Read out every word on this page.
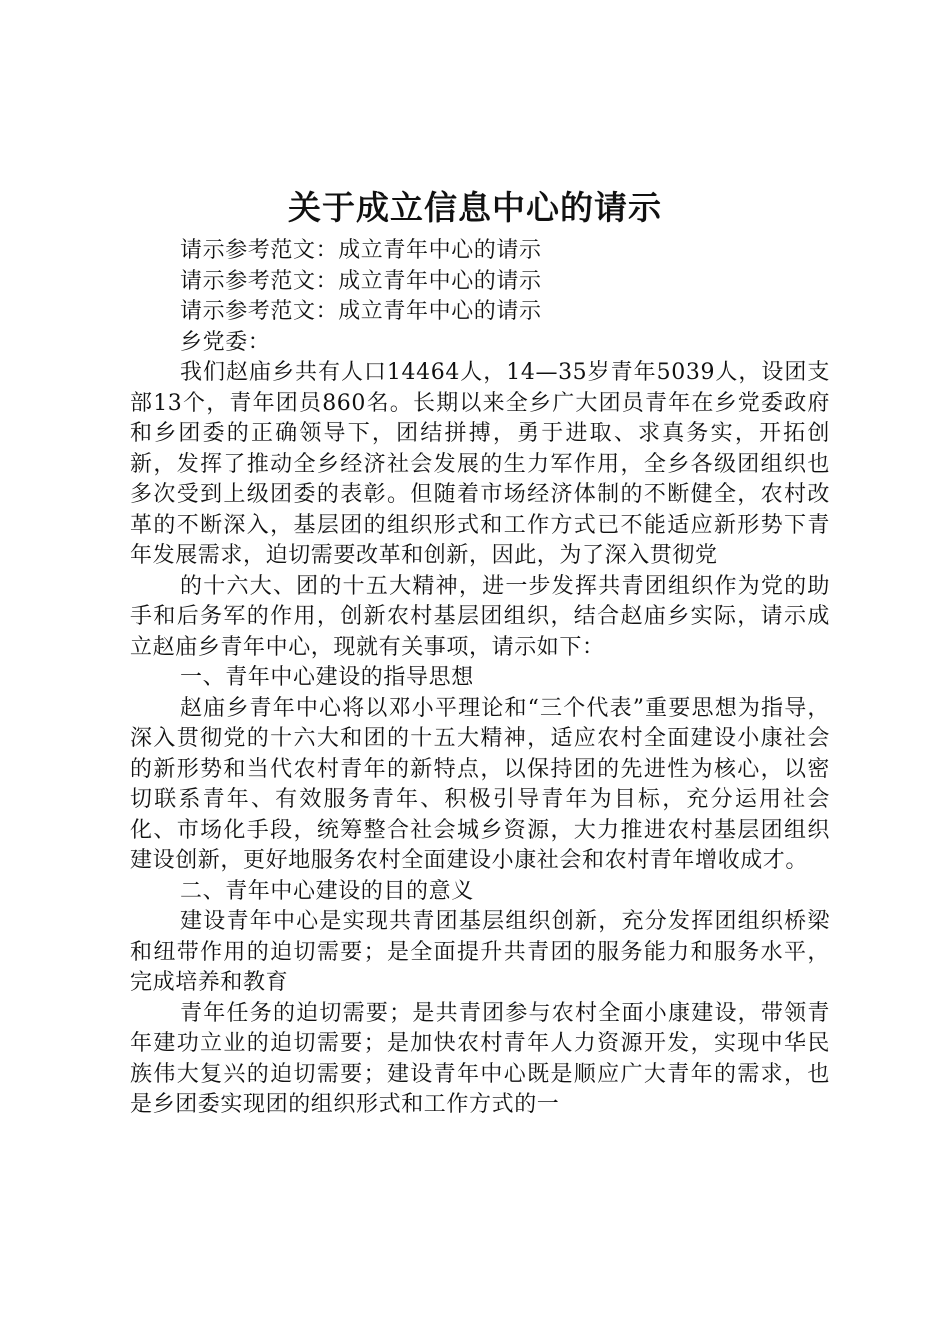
关于成立信息中心的请示

请示参考范文：成立青年中心的请示

请示参考范文：成立青年中心的请示

请示参考范文：成立青年中心的请示

乡党委：

我们赵庙乡共有人口14464人，14—35岁青年5039人，设团支部13个，青年团员860名。长期以来全乡广大团员青年在乡党委政府和乡团委的正确领导下，团结拼搏，勇于进取、求真务实，开拓创新，发挥了推动全乡经济社会发展的生力军作用，全乡各级团组织也多次受到上级团委的表彰。但随着市场经济体制的不断健全，农村改革的不断深入，基层团的组织形式和工作方式已不能适应新形势下青年发展需求，迫切需要改革和创新，因此，为了深入贯彻党

的十六大、团的十五大精神，进一步发挥共青团组织作为党的助手和后务军的作用，创新农村基层团组织，结合赵庙乡实际，请示成立赵庙乡青年中心，现就有关事项，请示如下：

一、青年中心建设的指导思想

赵庙乡青年中心将以邓小平理论和“三个代表”重要思想为指导，深入贯彻党的十六大和团的十五大精神，适应农村全面建设小康社会的新形势和当代农村青年的新特点，以保持团的先进性为核心，以密切联系青年、有效服务青年、积极引导青年为目标，充分运用社会化、市场化手段，统筹整合社会城乡资源，大力推进农村基层团组织建设创新，更好地服务农村全面建设小康社会和农村青年增收成才。

二、青年中心建设的目的意义

建设青年中心是实现共青团基层组织创新，充分发挥团组织桥梁和纽带作用的迫切需要；是全面提升共青团的服务能力和服务水平，完成培养和教育

青年任务的迫切需要；是共青团参与农村全面小康建设，带领青年建功立业的迫切需要；是加快农村青年人力资源开发，实现中华民族伟大复兴的迫切需要；建设青年中心既是顺应广大青年的需求，也是乡团委实现团的组织形式和工作方式的一
